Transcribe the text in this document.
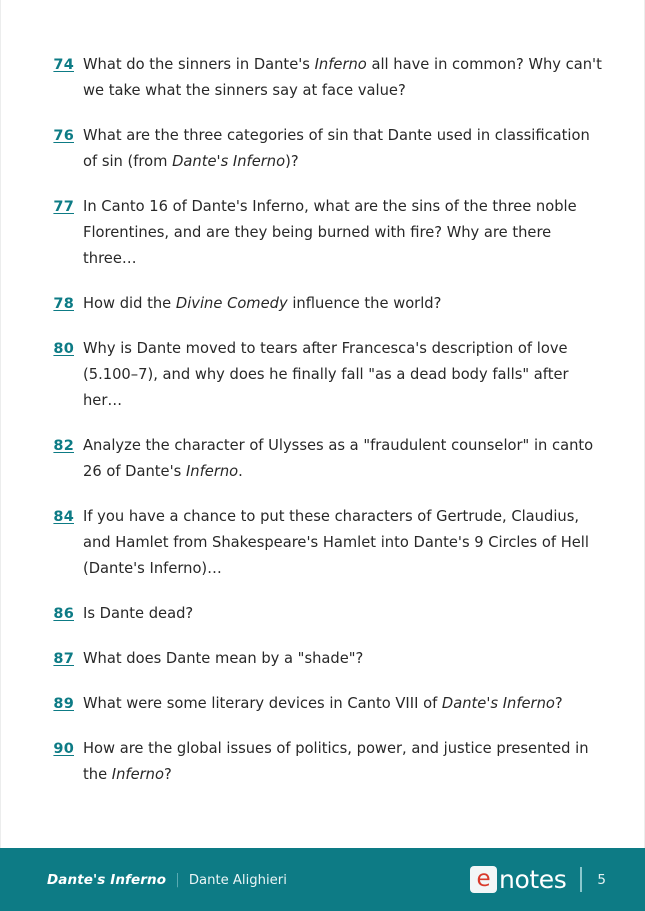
74 What do the sinners in Dante's Inferno all have in common? Why can't we take what the sinners say at face value?
76 What are the three categories of sin that Dante used in classification of sin (from Dante's Inferno)?
77 In Canto 16 of Dante's Inferno, what are the sins of the three noble Florentines, and are they being burned with fire? Why are there three…
78 How did the Divine Comedy influence the world?
80 Why is Dante moved to tears after Francesca's description of love (5.100–7), and why does he finally fall "as a dead body falls" after her…
82 Analyze the character of Ulysses as a "fraudulent counselor" in canto 26 of Dante's Inferno.
84 If you have a chance to put these characters of Gertrude, Claudius, and Hamlet from Shakespeare's Hamlet into Dante's 9 Circles of Hell (Dante's Inferno)…
86 Is Dante dead?
87 What does Dante mean by a "shade"?
89 What were some literary devices in Canto VIII of Dante's Inferno?
90 How are the global issues of politics, power, and justice presented in the Inferno?
Dante's Inferno | Dante Alighieri	e notes 5
